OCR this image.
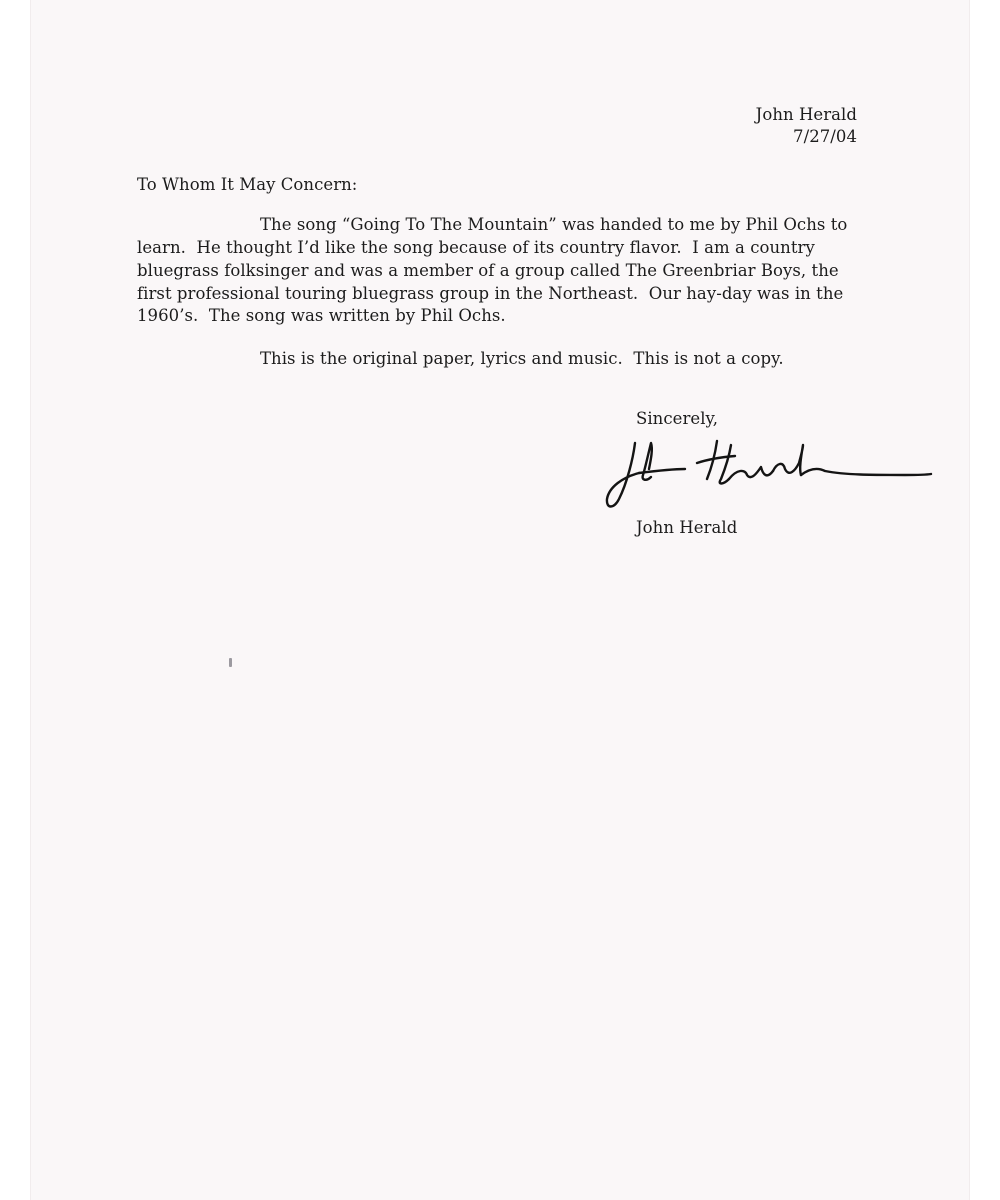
John Herald
7/27/04
To Whom It May Concern:
The song “Going To The Mountain” was handed to me by Phil Ochs to
learn.  He thought I’d like the song because of its country flavor.  I am a country
bluegrass folksinger and was a member of a group called The Greenbriar Boys, the
first professional touring bluegrass group in the Northeast.  Our hay-day was in the
1960’s.  The song was written by Phil Ochs.
This is the original paper, lyrics and music.  This is not a copy.
Sincerely,
John Herald
